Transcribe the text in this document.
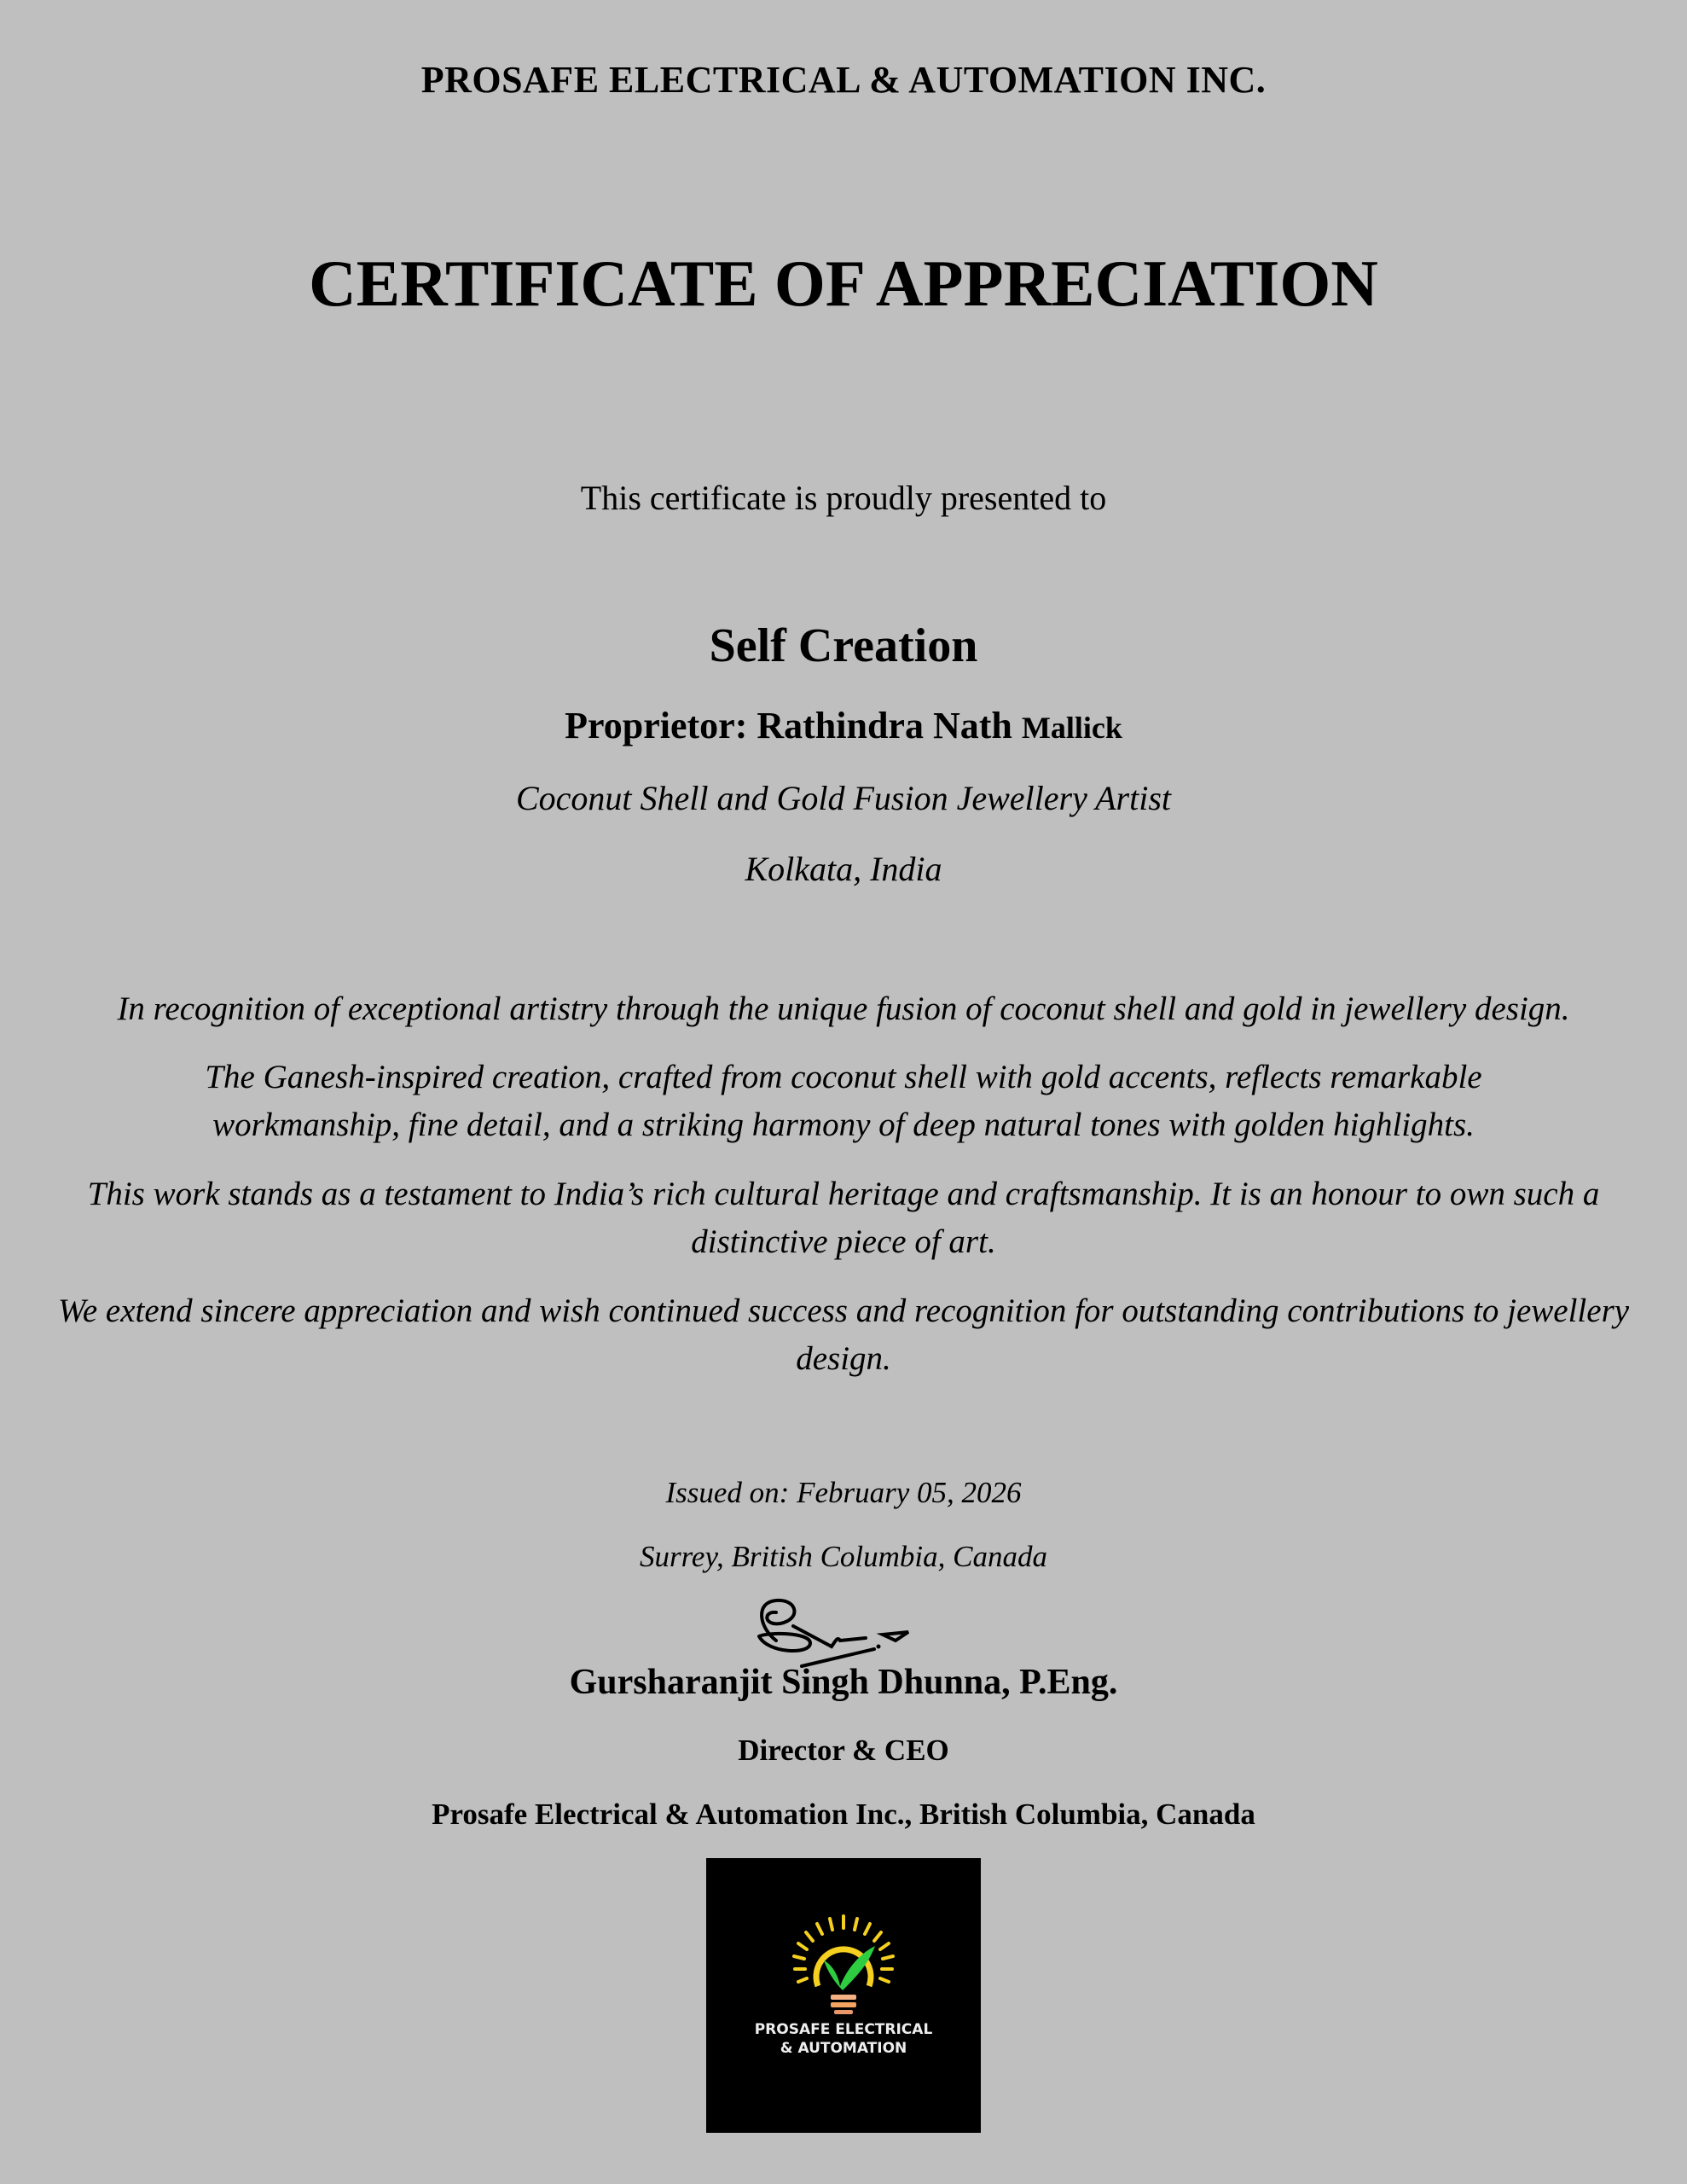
PROSAFE ELECTRICAL & AUTOMATION INC.
CERTIFICATE OF APPRECIATION
This certificate is proudly presented to
Self Creation
Proprietor: Rathindra Nath Mallick
Coconut Shell and Gold Fusion Jewellery Artist
Kolkata, India
In recognition of exceptional artistry through the unique fusion of coconut shell and gold in jewellery design.
The Ganesh-inspired creation, crafted from coconut shell with gold accents, reflects remarkable workmanship, fine detail, and a striking harmony of deep natural tones with golden highlights.
This work stands as a testament to India’s rich cultural heritage and craftsmanship. It is an honour to own such a distinctive piece of art.
We extend sincere appreciation and wish continued success and recognition for outstanding contributions to jewellery design.
Issued on: February 05, 2026
Surrey, British Columbia, Canada
Gursharanjit Singh Dhunna, P.Eng.
Director & CEO
Prosafe Electrical & Automation Inc., British Columbia, Canada
PROSAFE ELECTRICAL
& AUTOMATION
